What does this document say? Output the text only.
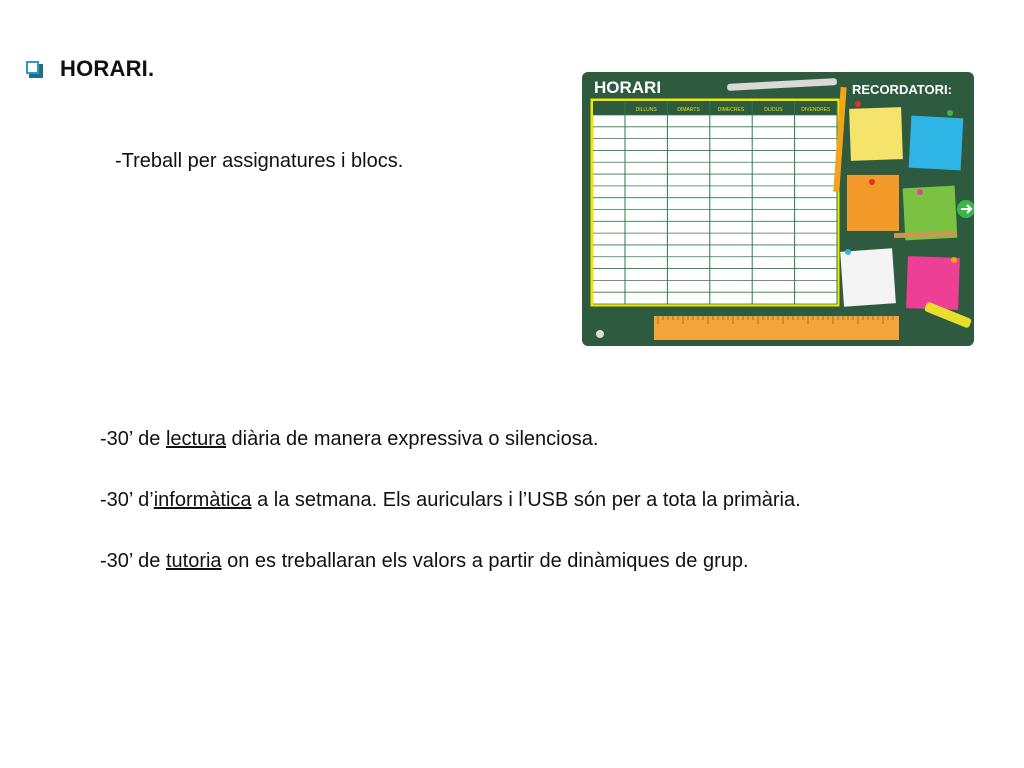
HORARI.
-Treball per assignatures i blocs.

-30’ de lectura diària de manera expressiva o silenciosa.

-30’ d’informàtica a la setmana. Els auriculars i l’USB són per a tota la primària.

-30’ de tutoria on es treballaran els valors a partir de dinàmiques de grup.

HORARI	RECORDATORI:
DILLUNS	DIMARTS	DIMECRES	DIJOUS	DIVENDRES
